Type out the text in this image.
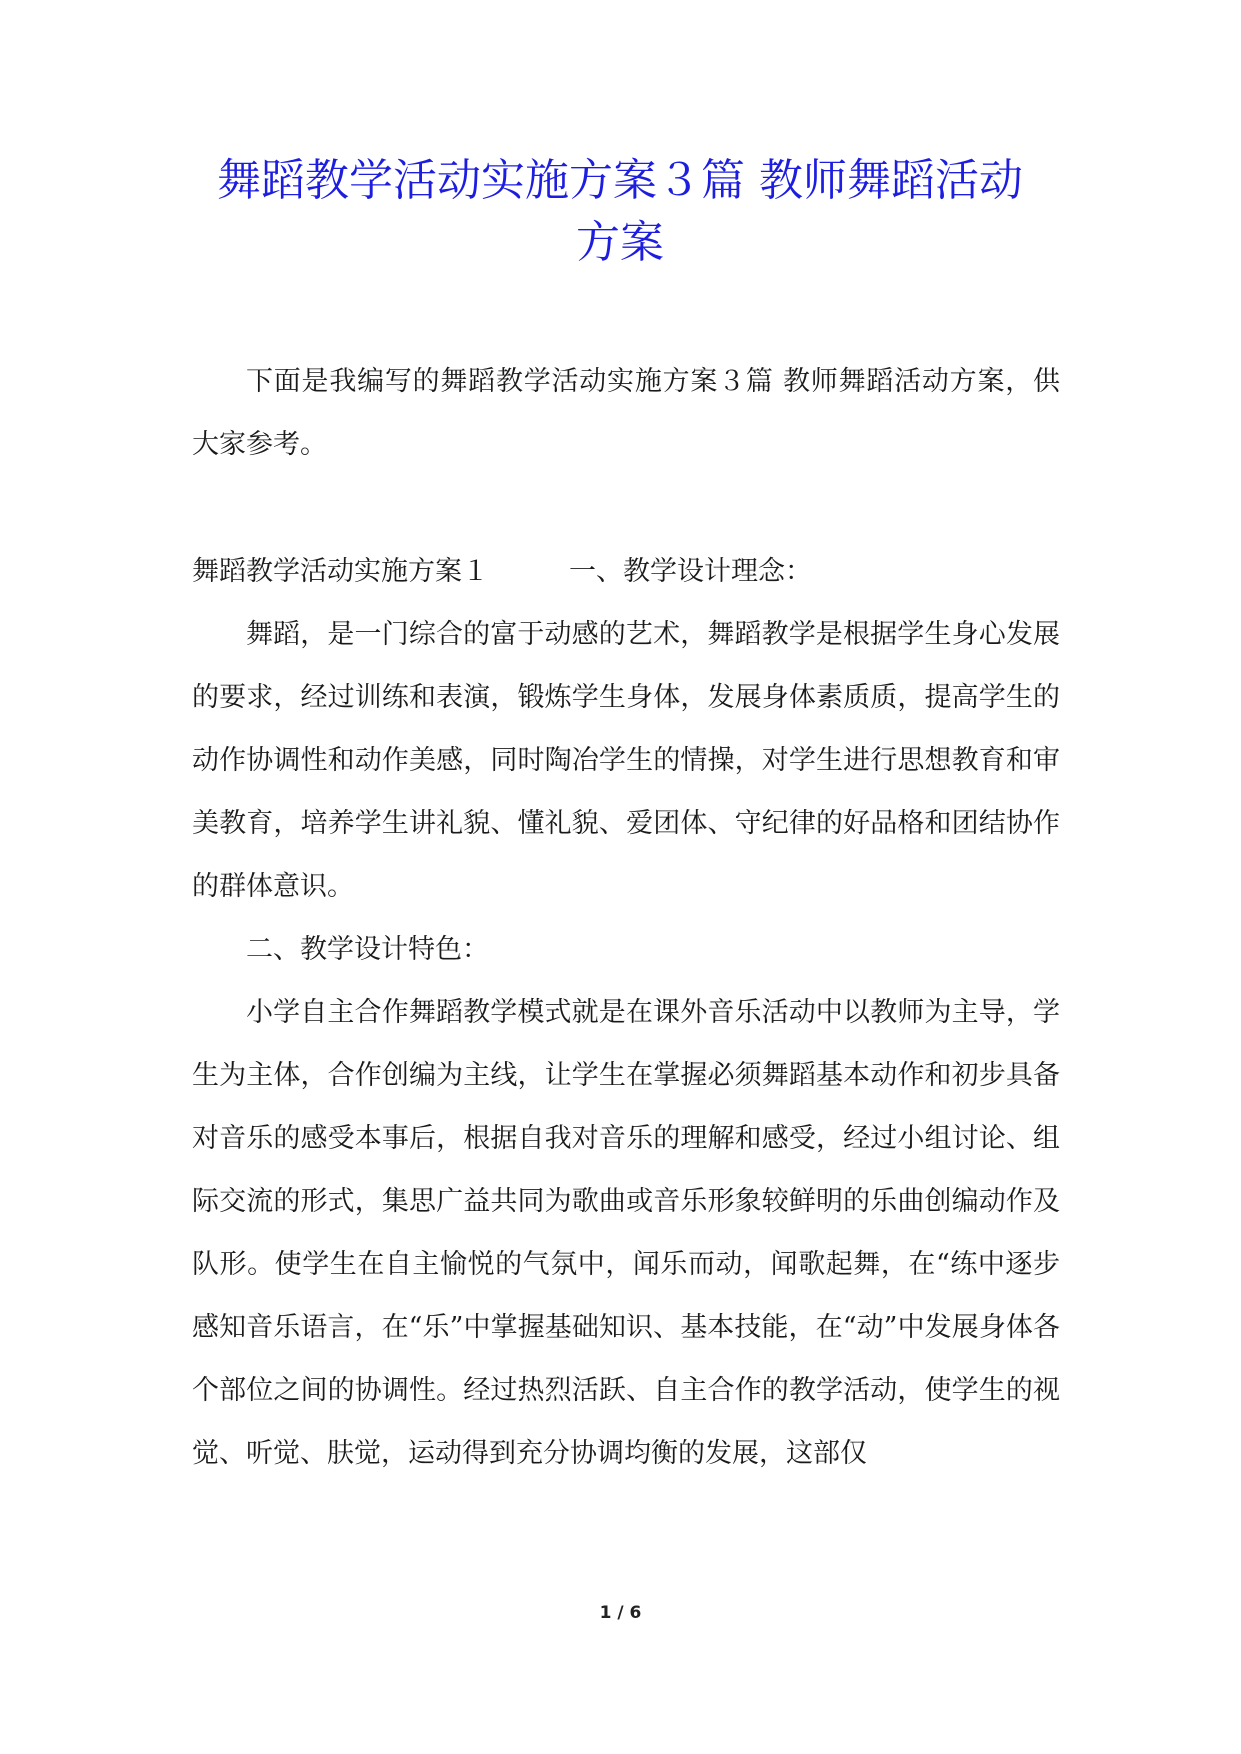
舞蹈教学活动实施方案３篇 教师舞蹈活动
方案

下面是我编写的舞蹈教学活动实施方案３篇 教师舞蹈活动方案，供大家参考。

舞蹈教学活动实施方案１	一、教学设计理念：

舞蹈，是一门综合的富于动感的艺术，舞蹈教学是根据学生身心发展的要求，经过训练和表演，锻炼学生身体，发展身体素质质，提高学生的动作协调性和动作美感，同时陶冶学生的情操，对学生进行思想教育和审美教育，培养学生讲礼貌、懂礼貌、爱团体、守纪律的好品格和团结协作的群体意识。

二、教学设计特色：

小学自主合作舞蹈教学模式就是在课外音乐活动中以教师为主导，学生为主体，合作创编为主线，让学生在掌握必须舞蹈基本动作和初步具备对音乐的感受本事后，根据自我对音乐的理解和感受，经过小组讨论、组际交流的形式，集思广益共同为歌曲或音乐形象较鲜明的乐曲创编动作及队形。使学生在自主愉悦的气氛中，闻乐而动，闻歌起舞，在“练中逐步感知音乐语言，在“乐”中掌握基础知识、基本技能，在“动”中发展身体各个部位之间的协调性。经过热烈活跃、自主合作的教学活动，使学生的视觉、听觉、肤觉，运动得到充分协调均衡的发展，这部仅

1 / 6
